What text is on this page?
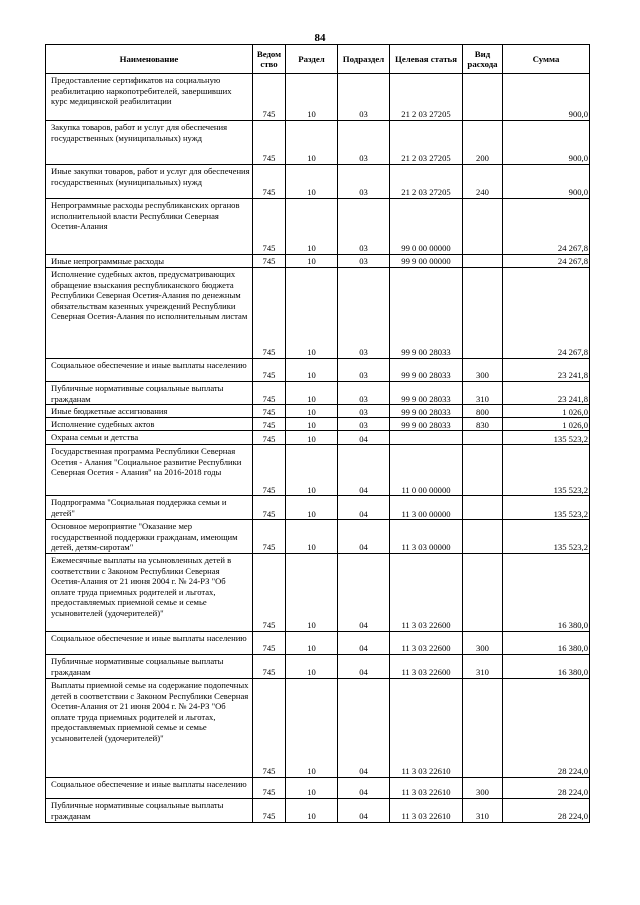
84
Наименование	Ведом ство	Раздел	Подраздел	Целевая статья	Вид расхода	Сумма
Предоставление сертификатов на социальную реабилитацию наркопотребителей, завершивших курс медицинской реабилитации	745	10	03	21 2 03 27205		900,0
Закупка товаров, работ и услуг для обеспечения государственных (муниципальных) нужд	745	10	03	21 2 03 27205	200	900,0
Иные закупки товаров, работ и услуг для обеспечения государственных (муниципальных) нужд	745	10	03	21 2 03 27205	240	900,0
Непрограммные расходы республиканских органов исполнительной власти Республики Северная Осетия-Алания	745	10	03	99 0 00 00000		24 267,8
Иные непрограммные расходы	745	10	03	99 9 00 00000		24 267,8
Исполнение судебных актов, предусматривающих обращение взыскания республиканского бюджета Республики Северная Осетия-Алания по денежным обязательствам казенных учреждений Республики Северная Осетия-Алания по исполнительным листам	745	10	03	99 9 00 28033		24 267,8
Социальное обеспечение и иные выплаты населению	745	10	03	99 9 00 28033	300	23 241,8
Публичные нормативные социальные выплаты гражданам	745	10	03	99 9 00 28033	310	23 241,8
Иные бюджетные ассигнования	745	10	03	99 9 00 28033	800	1 026,0
Исполнение судебных актов	745	10	03	99 9 00 28033	830	1 026,0
Охрана семьи и детства	745	10	04			135 523,2
Государственная программа Республики Северная Осетия - Алания "Социальное развитие Республики Северная Осетия - Алания" на 2016-2018 годы	745	10	04	11 0 00 00000		135 523,2
Подпрограмма "Социальная поддержка семьи и детей"	745	10	04	11 3 00 00000		135 523,2
Основное мероприятие "Оказание мер государственной поддержки гражданам, имеющим детей, детям-сиротам"	745	10	04	11 3 03 00000		135 523,2
Ежемесячные выплаты на усыновленных детей в соответствии с Законом Республики Северная Осетия-Алания от 21 июня 2004 г. № 24-РЗ "Об оплате труда приемных родителей и льготах, предоставляемых приемной семье и семье усыновителей (удочерителей)"	745	10	04	11 3 03 22600		16 380,0
Социальное обеспечение и иные выплаты населению	745	10	04	11 3 03 22600	300	16 380,0
Публичные нормативные социальные выплаты гражданам	745	10	04	11 3 03 22600	310	16 380,0
Выплаты приемной семье на содержание подопечных детей в соответствии с Законом Республики Северная Осетия-Алания от 21 июня 2004 г. № 24-РЗ "Об оплате труда приемных родителей и льготах, предоставляемых приемной семье и семье усыновителей (удочерителей)"	745	10	04	11 3 03 22610		28 224,0
Социальное обеспечение и иные выплаты населению	745	10	04	11 3 03 22610	300	28 224,0
Публичные нормативные социальные выплаты гражданам	745	10	04	11 3 03 22610	310	28 224,0
